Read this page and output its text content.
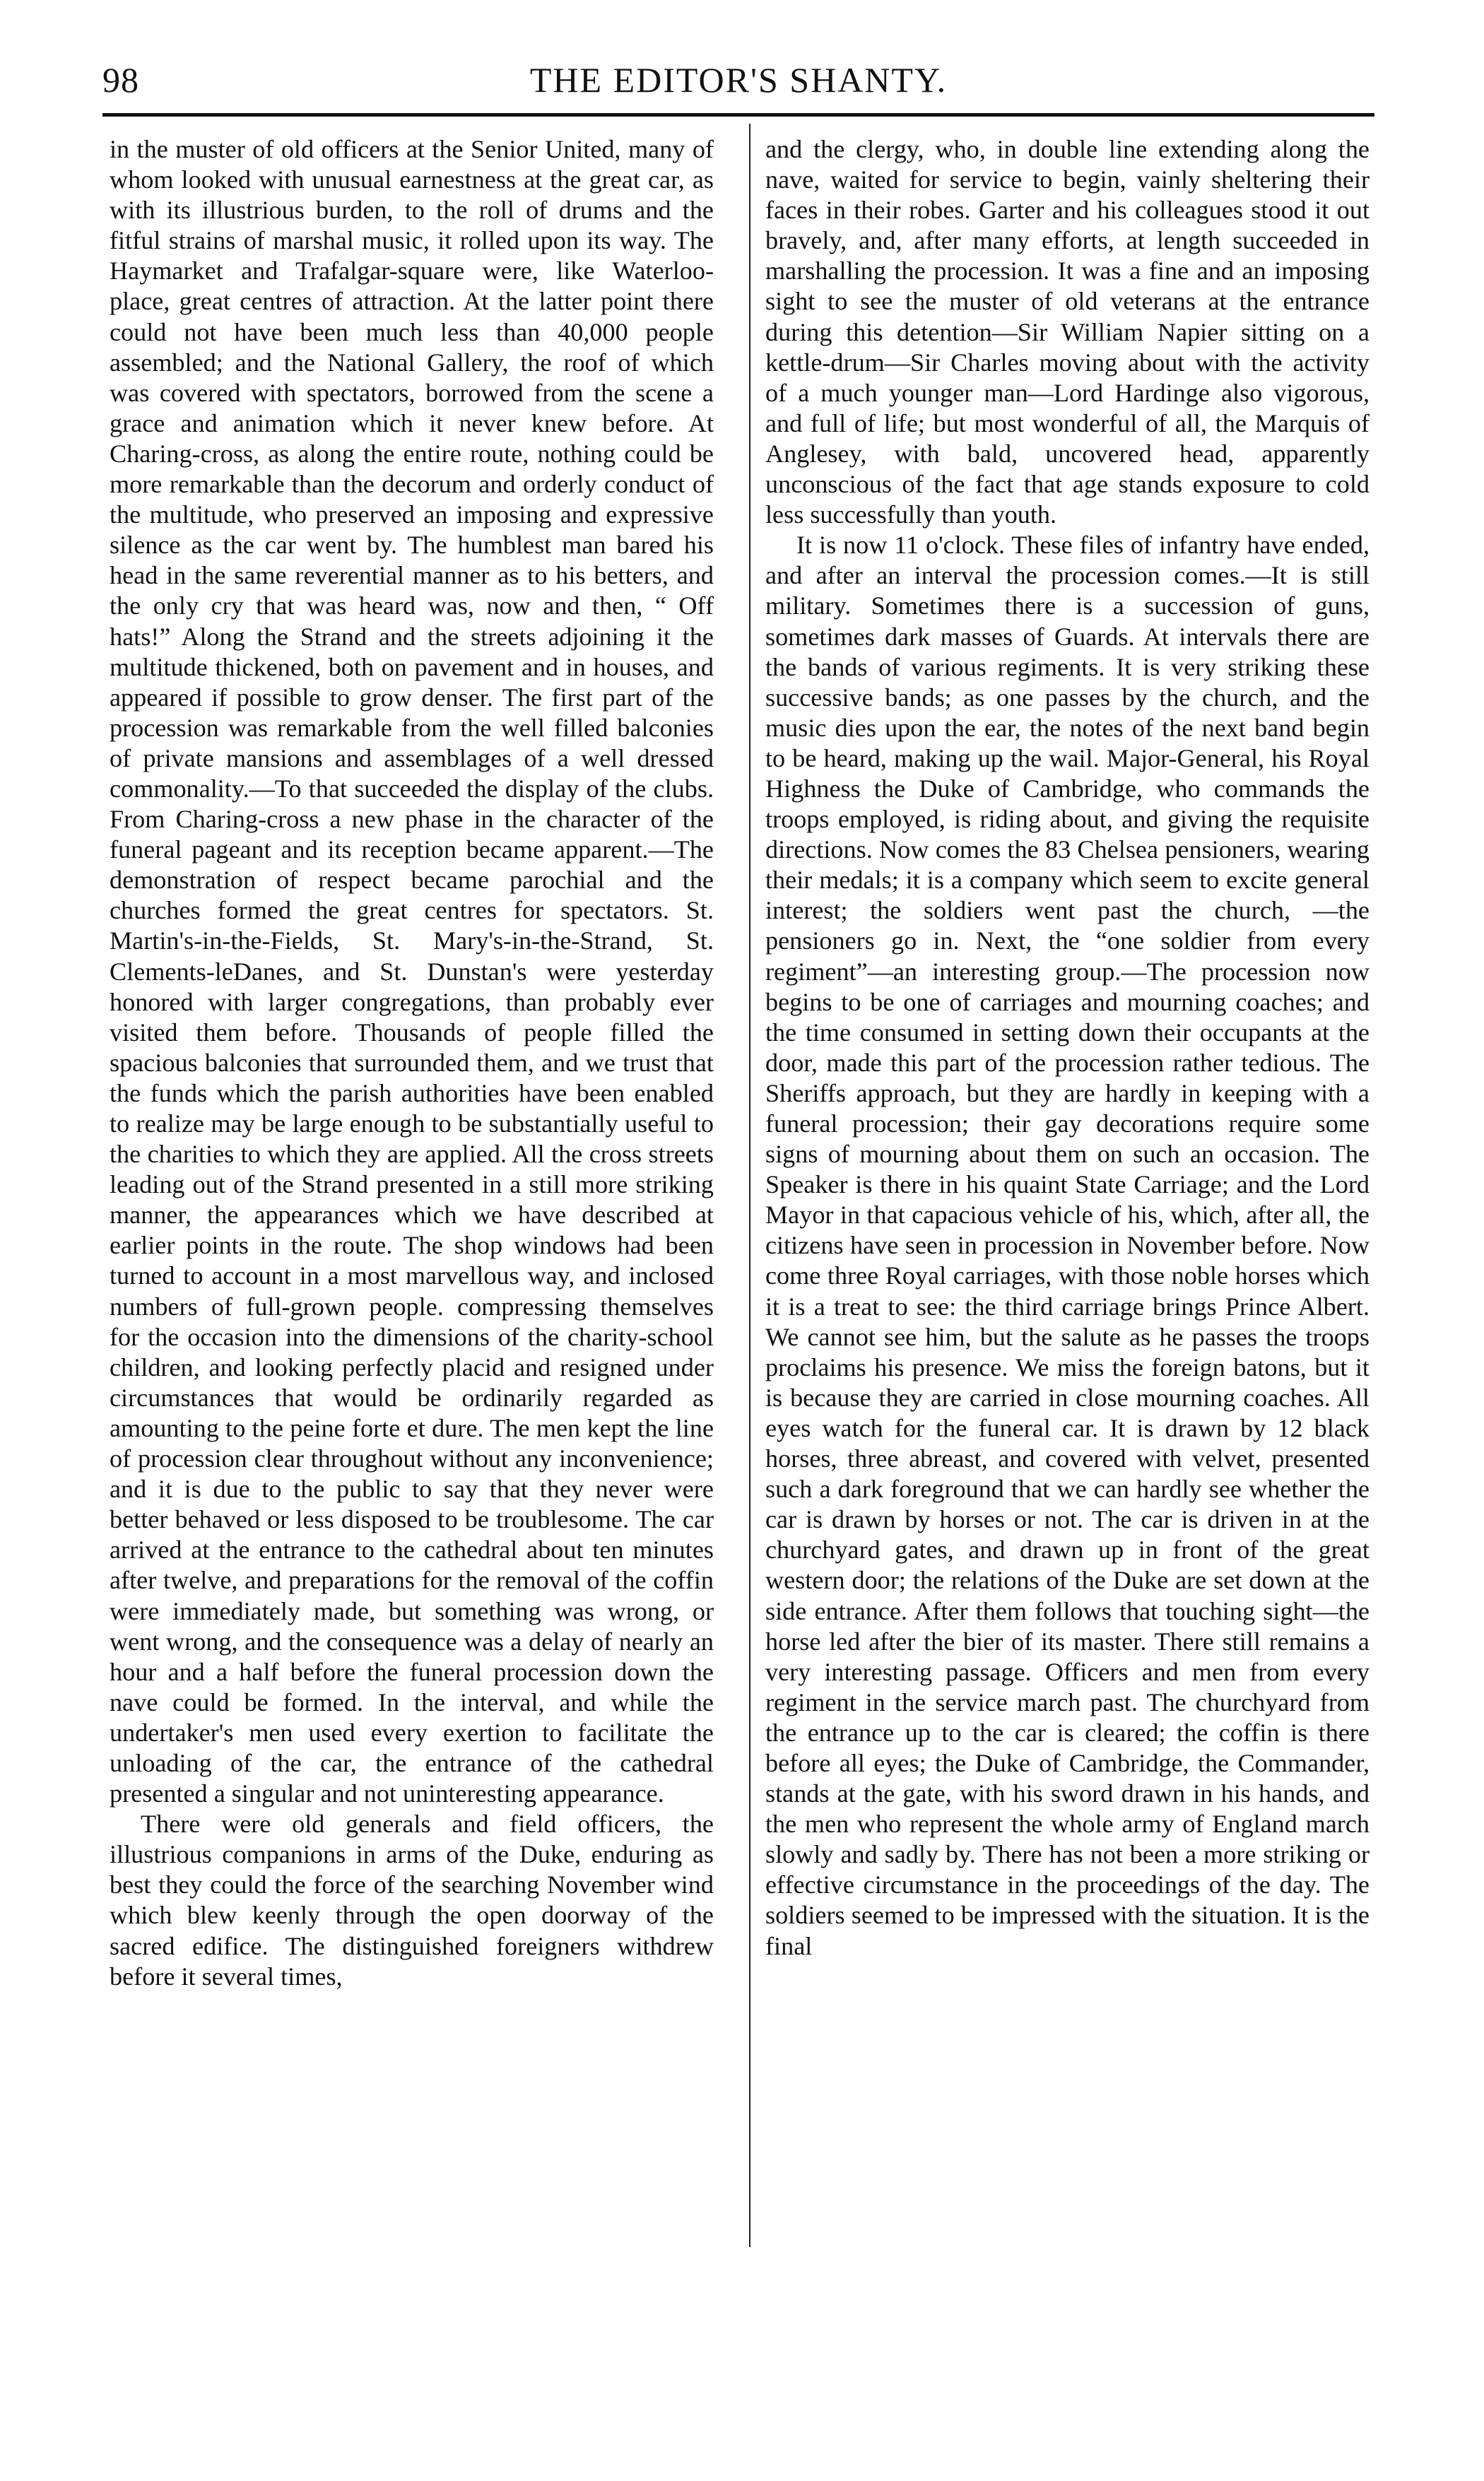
98	THE EDITOR'S SHANTY.

in the muster of old officers at the Senior United, many of whom looked with unusual earnestness at the great car, as with its illustrious burden, to the roll of drums and the fitful strains of marshal music, it rolled upon its way. The Haymarket and Trafalgar-square were, like Waterloo-place, great centres of attraction. At the latter point there could not have been much less than 40,000 people assembled; and the National Gallery, the roof of which was covered with spectators, borrowed from the scene a grace and animation which it never knew before. At Charing-cross, as along the entire route, nothing could be more remarkable than the decorum and orderly conduct of the multitude, who preserved an imposing and expressive silence as the car went by. The humblest man bared his head in the same reverential manner as to his betters, and the only cry that was heard was, now and then, “ Off hats!” Along the Strand and the streets adjoining it the multitude thickened, both on pavement and in houses, and appeared if possible to grow denser. The first part of the procession was remarkable from the well filled balconies of private mansions and assemblages of a well dressed commonality.—To that succeeded the display of the clubs. From Charing-cross a new phase in the character of the funeral pageant and its reception became apparent.—The demonstration of respect became parochial and the churches formed the great centres for spectators. St. Martin's-in-the-Fields, St. Mary's-in-the-Strand, St. Clements-leDanes, and St. Dunstan's were yesterday honored with larger congregations, than probably ever visited them before. Thousands of people filled the spacious balconies that surrounded them, and we trust that the funds which the parish authorities have been enabled to realize may be large enough to be substantially useful to the charities to which they are applied. All the cross streets leading out of the Strand presented in a still more striking manner, the appearances which we have described at earlier points in the route. The shop windows had been turned to account in a most marvellous way, and inclosed numbers of full-grown people. compressing themselves for the occasion into the dimensions of the charity-school children, and looking perfectly placid and resigned under circumstances that would be ordinarily regarded as amounting to the peine forte et dure. The men kept the line of procession clear throughout without any inconvenience; and it is due to the public to say that they never were better behaved or less disposed to be troublesome. The car arrived at the entrance to the cathedral about ten minutes after twelve, and preparations for the removal of the coffin were immediately made, but something was wrong, or went wrong, and the consequence was a delay of nearly an hour and a half before the funeral procession down the nave could be formed. In the interval, and while the undertaker's men used every exertion to facilitate the unloading of the car, the entrance of the cathedral presented a singular and not uninteresting appearance.

There were old generals and field officers, the illustrious companions in arms of the Duke, enduring as best they could the force of the searching November wind which blew keenly through the open doorway of the sacred edifice. The distinguished foreigners withdrew before it several times,

and the clergy, who, in double line extending along the nave, waited for service to begin, vainly sheltering their faces in their robes. Garter and his colleagues stood it out bravely, and, after many efforts, at length succeeded in marshalling the procession. It was a fine and an imposing sight to see the muster of old veterans at the entrance during this detention—Sir William Napier sitting on a kettle-drum—Sir Charles moving about with the activity of a much younger man—Lord Hardinge also vigorous, and full of life; but most wonderful of all, the Marquis of Anglesey, with bald, uncovered head, apparently unconscious of the fact that age stands exposure to cold less successfully than youth.

It is now 11 o'clock. These files of infantry have ended, and after an interval the procession comes.—It is still military. Sometimes there is a succession of guns, sometimes dark masses of Guards. At intervals there are the bands of various regiments. It is very striking these successive bands; as one passes by the church, and the music dies upon the ear, the notes of the next band begin to be heard, making up the wail. Major-General, his Royal Highness the Duke of Cambridge, who commands the troops employed, is riding about, and giving the requisite directions. Now comes the 83 Chelsea pensioners, wearing their medals; it is a company which seem to excite general interest; the soldiers went past the church, —the pensioners go in. Next, the “one soldier from every regiment”—an interesting group.—The procession now begins to be one of carriages and mourning coaches; and the time consumed in setting down their occupants at the door, made this part of the procession rather tedious. The Sheriffs approach, but they are hardly in keeping with a funeral procession; their gay decorations require some signs of mourning about them on such an occasion. The Speaker is there in his quaint State Carriage; and the Lord Mayor in that capacious vehicle of his, which, after all, the citizens have seen in procession in November before. Now come three Royal carriages, with those noble horses which it is a treat to see: the third carriage brings Prince Albert. We cannot see him, but the salute as he passes the troops proclaims his presence. We miss the foreign batons, but it is because they are carried in close mourning coaches. All eyes watch for the funeral car. It is drawn by 12 black horses, three abreast, and covered with velvet, presented such a dark foreground that we can hardly see whether the car is drawn by horses or not. The car is driven in at the churchyard gates, and drawn up in front of the great western door; the relations of the Duke are set down at the side entrance. After them follows that touching sight—the horse led after the bier of its master. There still remains a very interesting passage. Officers and men from every regiment in the service march past. The churchyard from the entrance up to the car is cleared; the coffin is there before all eyes; the Duke of Cambridge, the Commander, stands at the gate, with his sword drawn in his hands, and the men who represent the whole army of England march slowly and sadly by. There has not been a more striking or effective circumstance in the proceedings of the day. The soldiers seemed to be impressed with the situation. It is the final
